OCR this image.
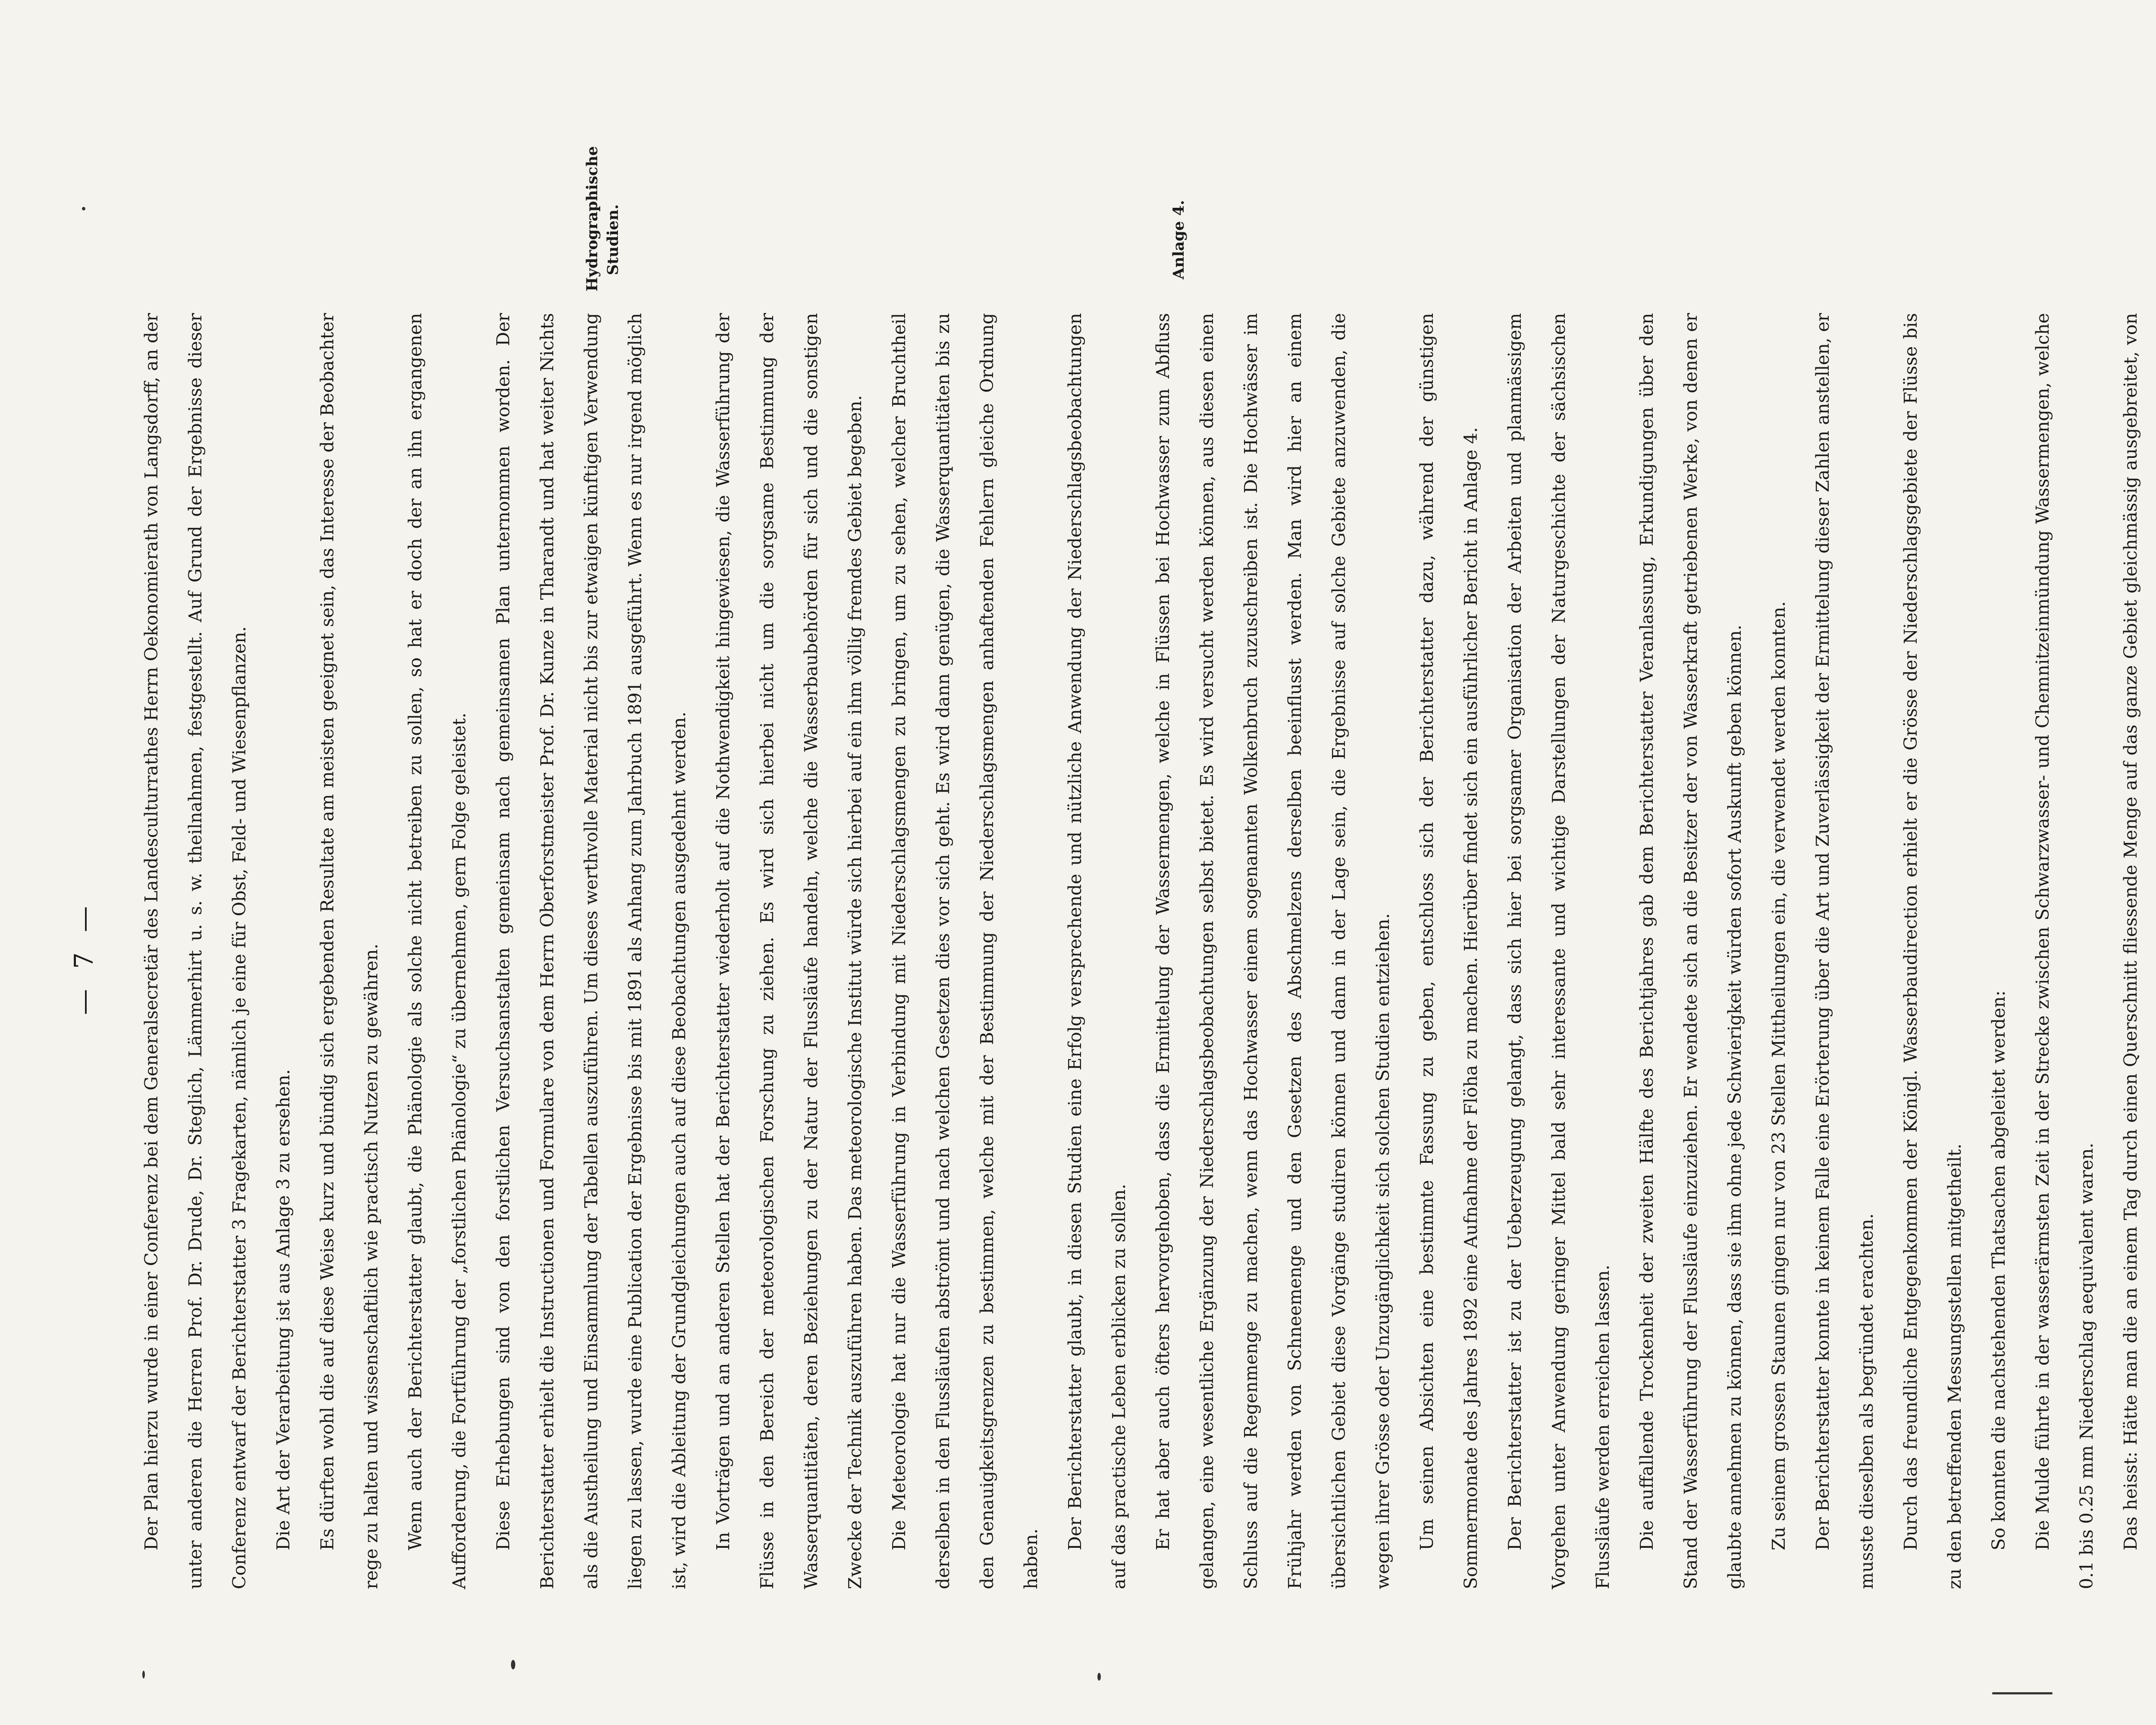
— 7 —	Der Plan hierzu wurde in einer Conferenz bei dem Generalsecretär des Landesculturrathes Herrn Oekonomierath von Langsdorff, an der unter anderen die Herren Prof. Dr. Drude, Dr. Steglich, Lämmerhirt u. s. w. theilnahmen, festgestellt. Auf Grund der Ergebnisse dieser Conferenz entwarf der Berichterstatter 3 Fragekarten, nämlich je eine für Obst, Feld- und Wiesenpflanzen.	Die Art der Verarbeitung ist aus Anlage 3 zu ersehen.	Es dürften wohl die auf diese Weise kurz und bündig sich ergebenden Resultate am meisten geeignet sein, das Interesse der Beobachter rege zu halten und wissenschaftlich wie practisch Nutzen zu gewähren.	Wenn auch der Berichterstatter glaubt, die Phänologie als solche nicht betreiben zu sollen, so hat er doch der an ihn ergangenen Aufforderung, die Fortführung der „forstlichen Phänologie“ zu übernehmen, gern Folge geleistet.	Diese Erhebungen sind von den forstlichen Versuchsanstalten gemeinsam nach gemeinsamen Plan unternommen worden. Der Berichterstatter erhielt die Instructionen und Formulare von dem Herrn Oberforstmeister Prof. Dr. Kunze in Tharandt und hat weiter Nichts als die Austheilung und Einsammlung der Tabellen auszuführen. Um dieses werthvolle Material nicht bis zur etwaigen künftigen Verwendung liegen zu lassen, wurde eine Publication der Ergebnisse bis mit 1891 als Anhang zum Jahrbuch 1891 ausgeführt. Wenn es nur irgend möglich ist, wird die Ableitung der Grundgleichungen auch auf diese Beobachtungen ausgedehnt werden.	In Vorträgen und an anderen Stellen hat der Berichterstatter wiederholt auf die Nothwendigkeit hingewiesen, die Wasserführung der Flüsse in den Bereich der meteorologischen Forschung zu ziehen. Es wird sich hierbei nicht um die sorgsame Bestimmung der Wasserquantitäten, deren Beziehungen zu der Natur der Flussläufe handeln, welche die Wasserbaubehörden für sich und die sonstigen Zwecke der Technik auszuführen haben. Das meteorologische Institut würde sich hierbei auf ein ihm völlig fremdes Gebiet begeben.	Die Meteorologie hat nur die Wasserführung in Verbindung mit Niederschlagsmengen zu bringen, um zu sehen, welcher Bruchtheil derselben in den Flussläufen abströmt und nach welchen Gesetzen dies vor sich geht. Es wird dann genügen, die Wasserquantitäten bis zu den Genauigkeitsgrenzen zu bestimmen, welche mit der Bestimmung der Niederschlagsmengen anhaftenden Fehlern gleiche Ordnung haben.

Der Berichterstatter glaubt, in diesen Studien eine Erfolg versprechende und nützliche Anwendung der Niederschlagsbeobachtungen auf das practische Leben erblicken zu sollen.	Er hat aber auch öfters hervorgehoben, dass die Ermittelung der Wassermengen, welche in Flüssen bei Hochwasser zum Abfluss gelangen, eine wesentliche Ergänzung der Niederschlagsbeobachtungen selbst bietet. Es wird versucht werden können, aus diesen einen Schluss auf die Regenmenge zu machen, wenn das Hochwasser einem sogenannten Wolkenbruch zuzuschreiben ist. Die Hochwässer im Frühjahr werden von Schneemenge und den Gesetzen des Abschmelzens derselben beeinflusst werden. Man wird hier an einem übersichtlichen Gebiet diese Vorgänge studiren können und dann in der Lage sein, die Ergebnisse auf solche Gebiete anzuwenden, die wegen ihrer Grösse oder Unzugänglichkeit sich solchen Studien entziehen.	Um seinen Absichten eine bestimmte Fassung zu geben, entschloss sich der Berichterstatter dazu, während der günstigen Sommermonate des Jahres 1892 eine Aufnahme der Flöha zu machen. Hierüber findet sich ein ausführlicher Bericht in Anlage 4.	Der Berichterstatter ist zu der Ueberzeugung gelangt, dass sich hier bei sorgsamer Organisation der Arbeiten und planmässigem Vorgehen unter Anwendung geringer Mittel bald sehr interessante und wichtige Darstellungen der Naturgeschichte der sächsischen Flussläufe werden erreichen lassen.	Die auffallende Trockenheit der zweiten Hälfte des Berichtjahres gab dem Berichterstatter Veranlassung, Erkundigungen über den Stand der Wasserführung der Flussläufe einzuziehen. Er wendete sich an die Besitzer der von Wasserkraft getriebenen Werke, von denen er glaubte annehmen zu können, dass sie ihm ohne jede Schwierigkeit würden sofort Auskunft geben können.	Zu seinem grossen Staunen gingen nur von 23 Stellen Mittheilungen ein, die verwendet werden konnten.	Der Berichterstatter konnte in keinem Falle eine Erörterung über die Art und Zuverlässigkeit der Ermittelung dieser Zahlen anstellen, er musste dieselben als begründet erachten.	Durch das freundliche Entgegenkommen der Königl. Wasserbaudirection erhielt er die Grösse der Niederschlagsgebiete der Flüsse bis zu den betreffenden Messungsstellen mitgetheilt.	So konnten die nachstehenden Thatsachen abgeleitet werden:	Die Mulde führte in der wasserärmsten Zeit in der Strecke zwischen Schwarzwasser- und Chemnitzeinmündung Wassermengen, welche 0.1 bis 0.25 mm Niederschlag aequivalent waren.	Das heisst: Hätte man die an einem Tag durch einen Querschnitt fliessende Menge auf das ganze Gebiet gleichmässig ausgebreitet, von

Hydrographische Studien.	Anlage 4.
